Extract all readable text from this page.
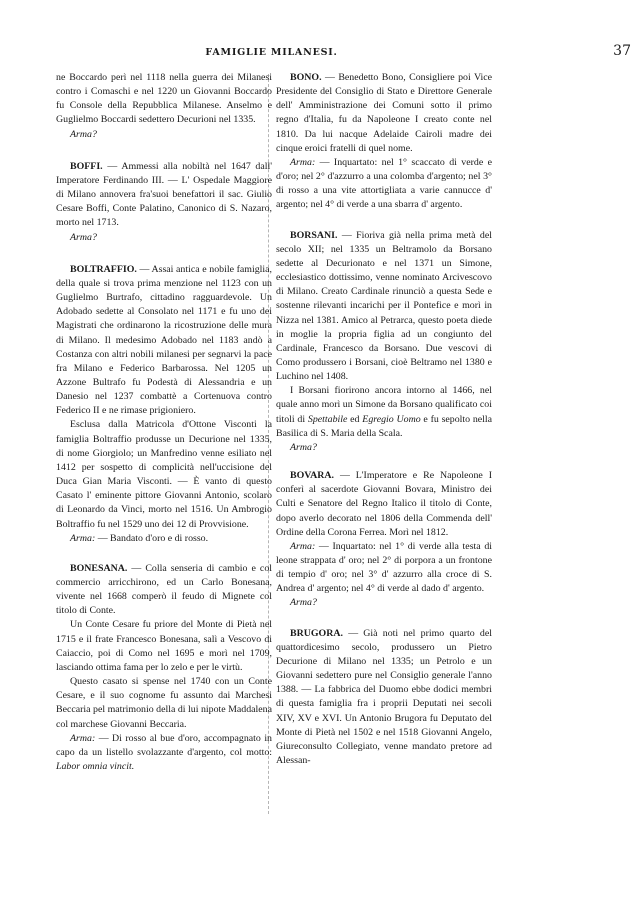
FAMIGLIE MILANESI.	37

ne Boccardo perì nel 1118 nella guerra dei Milanesi contro i Comaschi e nel 1220 un Giovanni Boccardo fu Console della Repubblica Milanese. Anselmo e Guglielmo Boccardi sedettero Decurioni nel 1335.

Arma?

BOFFI. — Ammessi alla nobiltà nel 1647 dall' Imperatore Ferdinando III. — L' Ospedale Maggiore di Milano annovera fra'suoi benefattori il sac. Giulio Cesare Boffi, Conte Palatino, Canonico di S. Nazaro, morto nel 1713.

Arma?

BOLTRAFFIO. — Assai antica e nobile famiglia, della quale si trova prima menzione nel 1123 con un Guglielmo Burtrafo, cittadino ragguardevole. Un Adobado sedette al Consolato nel 1171 e fu uno dei Magistrati che ordinarono la ricostruzione delle mura di Milano. Il medesimo Adobado nel 1183 andò a Costanza con altri nobili milanesi per segnarvi la pace fra Milano e Federico Barbarossa. Nel 1205 un Azzone Bultrafo fu Podestà di Alessandria e un Danesio nel 1237 combattè a Cortenuova contro Federico II e ne rimase prigioniero.

Esclusa dalla Matricola d'Ottone Visconti la famiglia Boltraffio produsse un Decurione nel 1335, di nome Giorgiolo; un Manfredino venne esiliato nel 1412 per sospetto di complicità nell'uccisione del Duca Gian Maria Visconti. — È vanto di questo Casato l' eminente pittore Giovanni Antonio, scolaro di Leonardo da Vinci, morto nel 1516. Un Ambrogio Boltraffio fu nel 1529 uno dei 12 di Provvisione.

Arma: — Bandato d'oro e di rosso.

BONESANA. — Colla senseria di cambio e col commercio arricchirono, ed un Carlo Bonesana, vivente nel 1668 comperò il feudo di Mignete col titolo di Conte.

Un Conte Cesare fu priore del Monte di Pietà nel 1715 e il frate Francesco Bonesana, salì a Vescovo di Caiaccio, poi di Como nel 1695 e morì nel 1709, lasciando ottima fama per lo zelo e per le virtù.

Questo casato si spense nel 1740 con un Conte Cesare, e il suo cognome fu assunto dai Marchesi Beccaria pel matrimonio della di lui nipote Maddalena col marchese Giovanni Beccaria.

Arma: — Di rosso al bue d'oro, accompagnato in capo da un listello svolazzante d'argento, col motto: Labor omnia vincit.

BONO. — Benedetto Bono, Consigliere poi Vice Presidente del Consiglio di Stato e Direttore Generale dell' Amministrazione dei Comuni sotto il primo regno d'Italia, fu da Napoleone I creato conte nel 1810. Da lui nacque Adelaide Cairoli madre dei cinque eroici fratelli di quel nome.

Arma: — Inquartato: nel 1° scaccato di verde e d'oro; nel 2° d'azzurro a una colomba d'argento; nel 3° di rosso a una vite attortigliata a varie cannucce d' argento; nel 4° di verde a una sbarra d' argento.

BORSANI. — Fioriva già nella prima metà del secolo XII; nel 1335 un Beltramolo da Borsano sedette al Decurionato e nel 1371 un Simone, ecclesiastico dottissimo, venne nominato Arcivescovo di Milano. Creato Cardinale rinunciò a questa Sede e sostenne rilevanti incarichi per il Pontefice e morì in Nizza nel 1381. Amico al Petrarca, questo poeta diede in moglie la propria figlia ad un congiunto del Cardinale, Francesco da Borsano. Due vescovi di Como produssero i Borsani, cioè Beltramo nel 1380 e Luchino nel 1408.

I Borsani fiorirono ancora intorno al 1466, nel quale anno morì un Simone da Borsano qualificato coi titoli di Spettabile ed Egregio Uomo e fu sepolto nella Basilica di S. Maria della Scala.

Arma?

BOVARA. — L'Imperatore e Re Napoleone I conferì al sacerdote Giovanni Bovara, Ministro dei Culti e Senatore del Regno Italico il titolo di Conte, dopo averlo decorato nel 1806 della Commenda dell' Ordine della Corona Ferrea. Morì nel 1812.

Arma: — Inquartato: nel 1° di verde alla testa di leone strappata d' oro; nel 2° di porpora a un frontone di tempio d' oro; nel 3° d' azzurro alla croce di S. Andrea d' argento; nel 4° di verde al dado d' argento.

Arma?

BRUGORA. — Già noti nel primo quarto del quattordicesimo secolo, produssero un Pietro Decurione di Milano nel 1335; un Petrolo e un Giovanni sedettero pure nel Consiglio generale l'anno 1388. — La fabbrica del Duomo ebbe dodici membri di questa famiglia fra i proprii Deputati nei secoli XIV, XV e XVI. Un Antonio Brugora fu Deputato del Monte di Pietà nel 1502 e nel 1518 Giovanni Angelo, Giureconsulto Collegiato, venne mandato pretore ad Alessan-
